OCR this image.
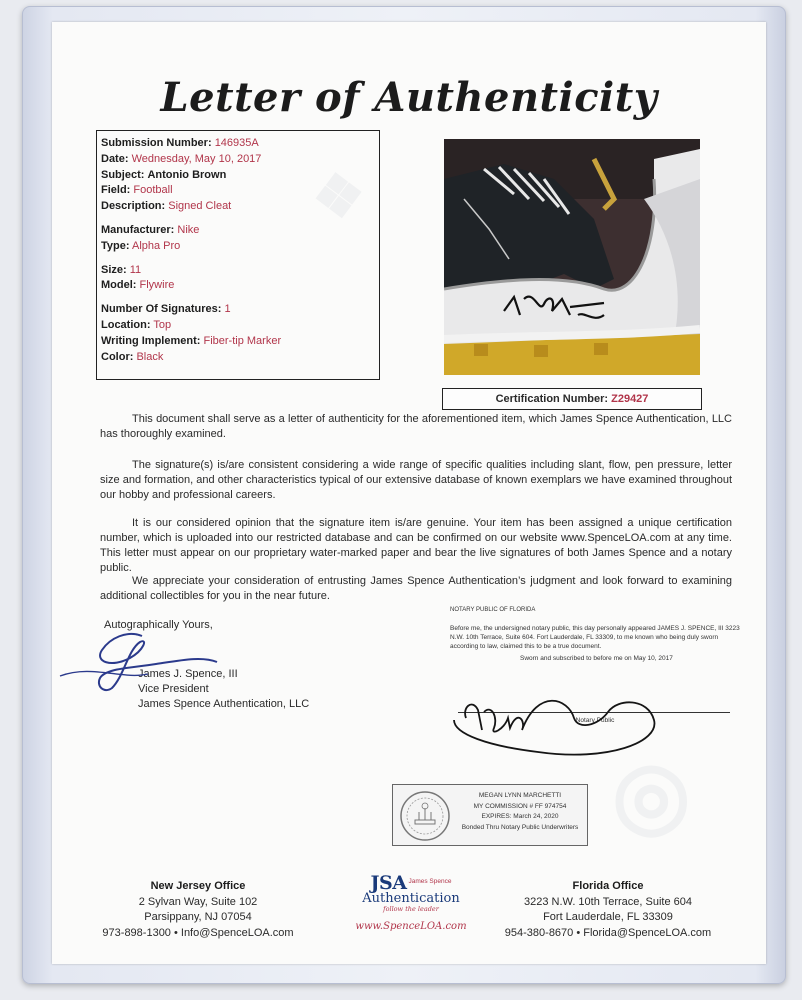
❖
◎
Letter of Authenticity
Submission Number: 146935A
Date: Wednesday, May 10, 2017
Subject: Antonio Brown
Field: Football
Description: Signed Cleat
Manufacturer: Nike
Type: Alpha Pro
Size: 11
Model: Flywire
Number Of Signatures: 1
Location: Top
Writing Implement: Fiber-tip Marker
Color: Black
Certification Number: Z29427
This document shall serve as a letter of authenticity for the aforementioned item, which James Spence Authentication, LLC has thoroughly examined.
The signature(s) is/are consistent considering a wide range of specific qualities including slant, flow, pen pressure, letter size and formation, and other characteristics typical of our extensive database of known exemplars we have examined throughout our hobby and professional careers.
It is our considered opinion that the signature item is/are genuine. Your item has been assigned a unique certification number, which is uploaded into our restricted database and can be confirmed on our website www.SpenceLOA.com at any time. This letter must appear on our proprietary water-marked paper and bear the live signatures of both James Spence and a notary public.
We appreciate your consideration of entrusting James Spence Authentication’s judgment and look forward to examining additional collectibles for you in the near future.
Autographically Yours,
James J. Spence, III
Vice President
James Spence Authentication, LLC
NOTARY PUBLIC OF FLORIDA
Before me, the undersigned notary public, this day personally appeared JAMES J. SPENCE, III 3223 N.W. 10th Terrace, Suite 604. Fort Lauderdale, FL 33309, to me known who being duly sworn according to law, claimed this to be a true document.
Sworn and subscribed to before me on May 10, 2017
Notary Public
MEGAN LYNN MARCHETTI
MY COMMISSION # FF 974754
EXPIRES: March 24, 2020
Bonded Thru Notary Public Underwriters
New Jersey Office
2 Sylvan Way, Suite 102
Parsippany, NJ 07054
973-898-1300 • Info@SpenceLOA.com
JSA James Spence
Authentication
follow the leader
www.SpenceLOA.com
Florida Office
3223 N.W. 10th Terrace, Suite 604
Fort Lauderdale, FL 33309
954-380-8670 • Florida@SpenceLOA.com
